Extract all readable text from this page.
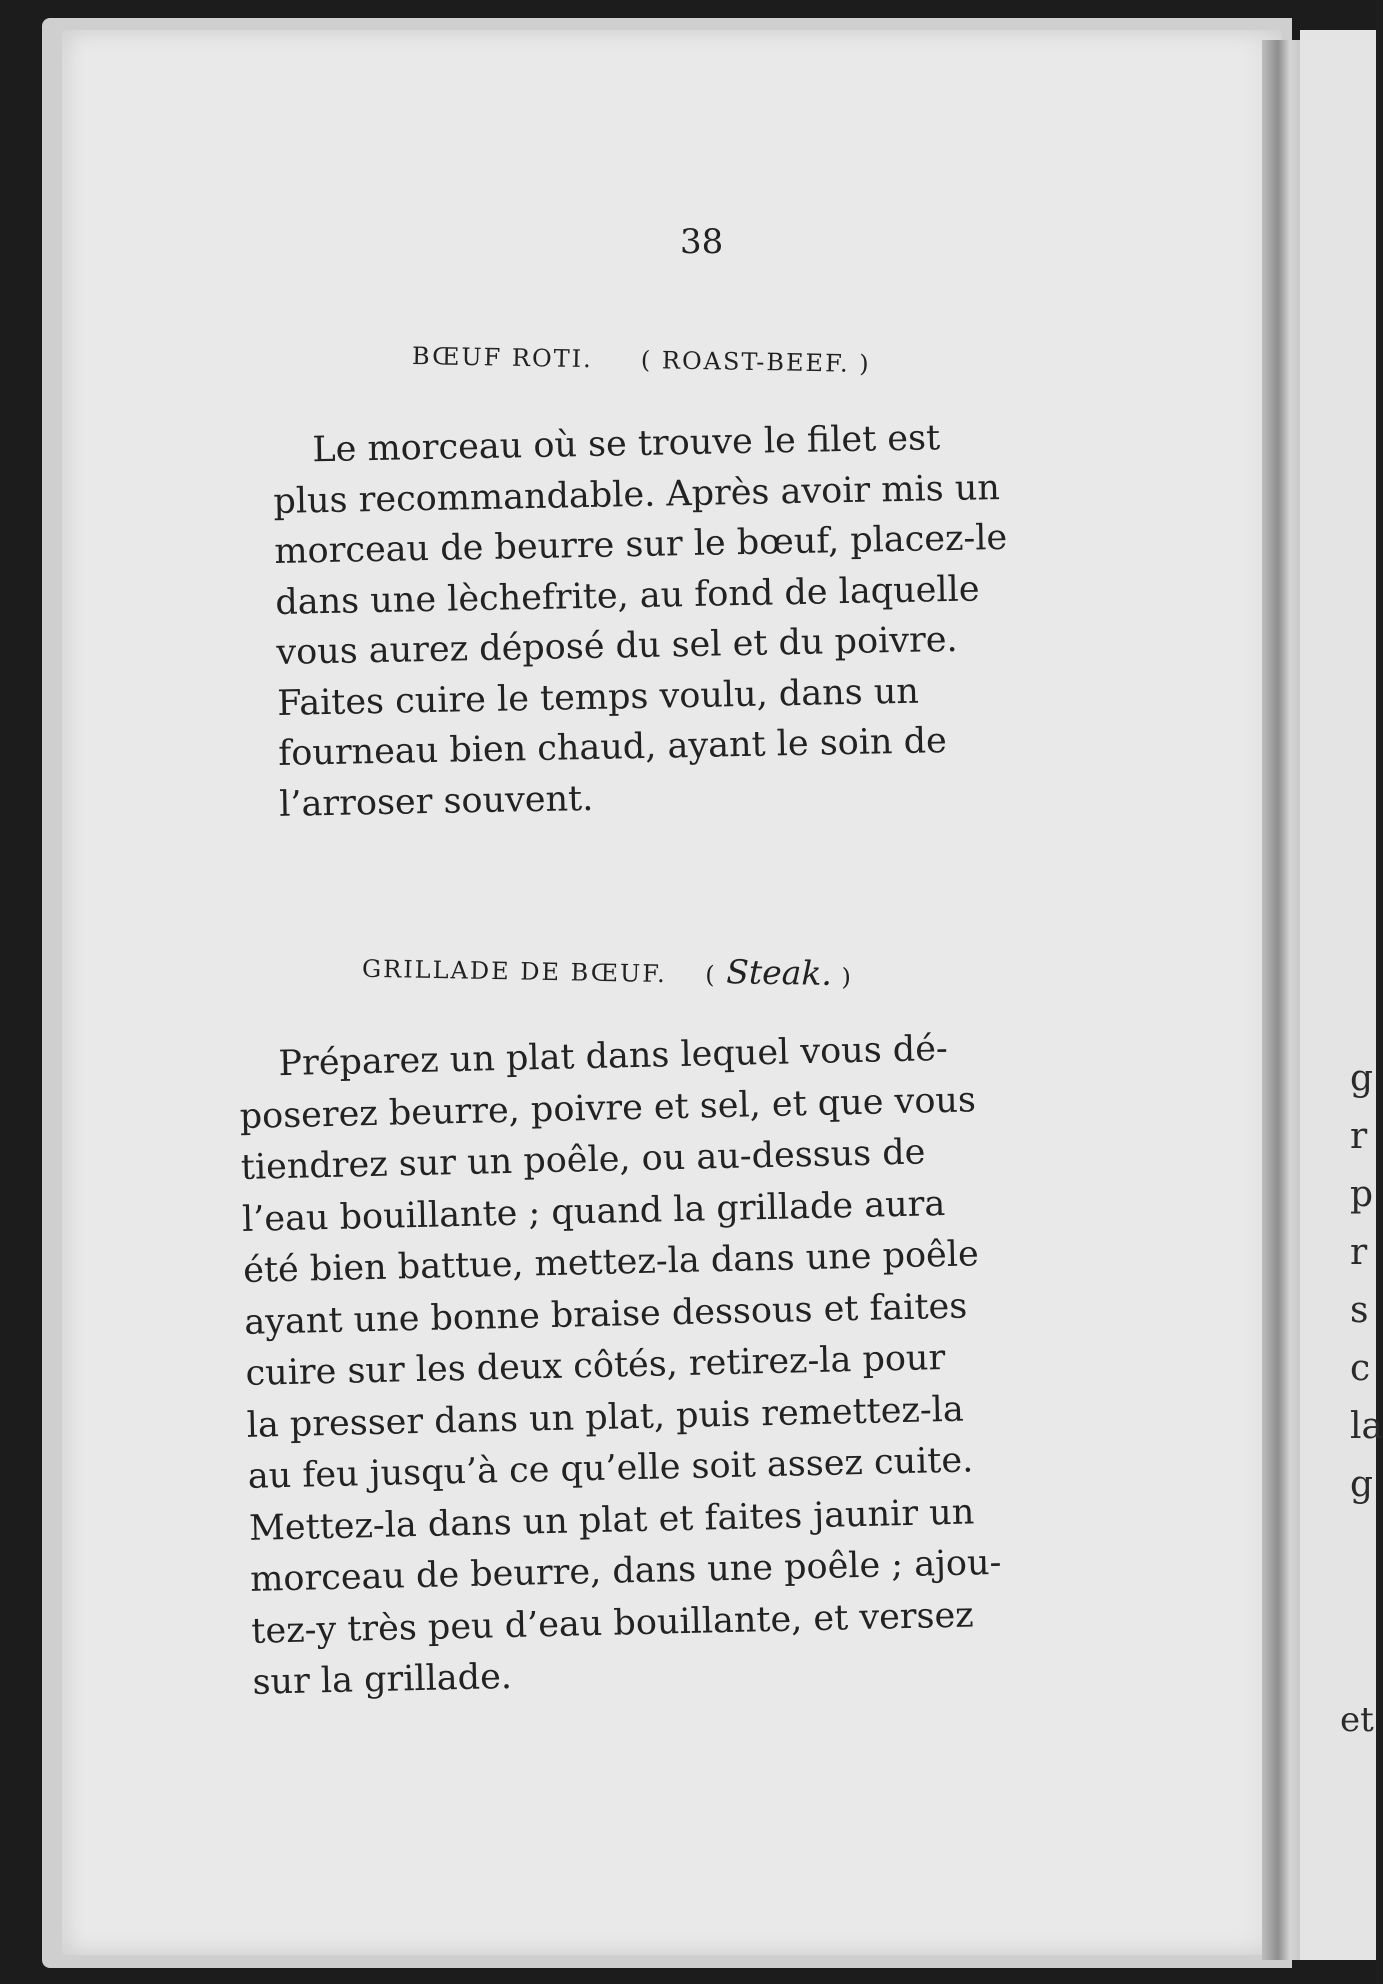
g
r
p
r
s
c
la
g
et
38
BŒUF ROTI. ( ROAST-BEEF. )
Le morceau où se trouve le filet est
plus recommandable. Après avoir mis un
morceau de beurre sur le bœuf, placez-le
dans une lèchefrite, au fond de laquelle
vous aurez déposé du sel et du poivre.
Faites cuire le temps voulu, dans un
fourneau bien chaud, ayant le soin de
l’arroser souvent.
GRILLADE DE BŒUF. ( Steak. )
Préparez un plat dans lequel vous dé-
poserez beurre, poivre et sel, et que vous
tiendrez sur un poêle, ou au-dessus de
l’eau bouillante ; quand la grillade aura
été bien battue, mettez-la dans une poêle
ayant une bonne braise dessous et faites
cuire sur les deux côtés, retirez-la pour
la presser dans un plat, puis remettez-la
au feu jusqu’à ce qu’elle soit assez cuite.
Mettez-la dans un plat et faites jaunir un
morceau de beurre, dans une poêle ; ajou-
tez-y très peu d’eau bouillante, et versez
sur la grillade.
